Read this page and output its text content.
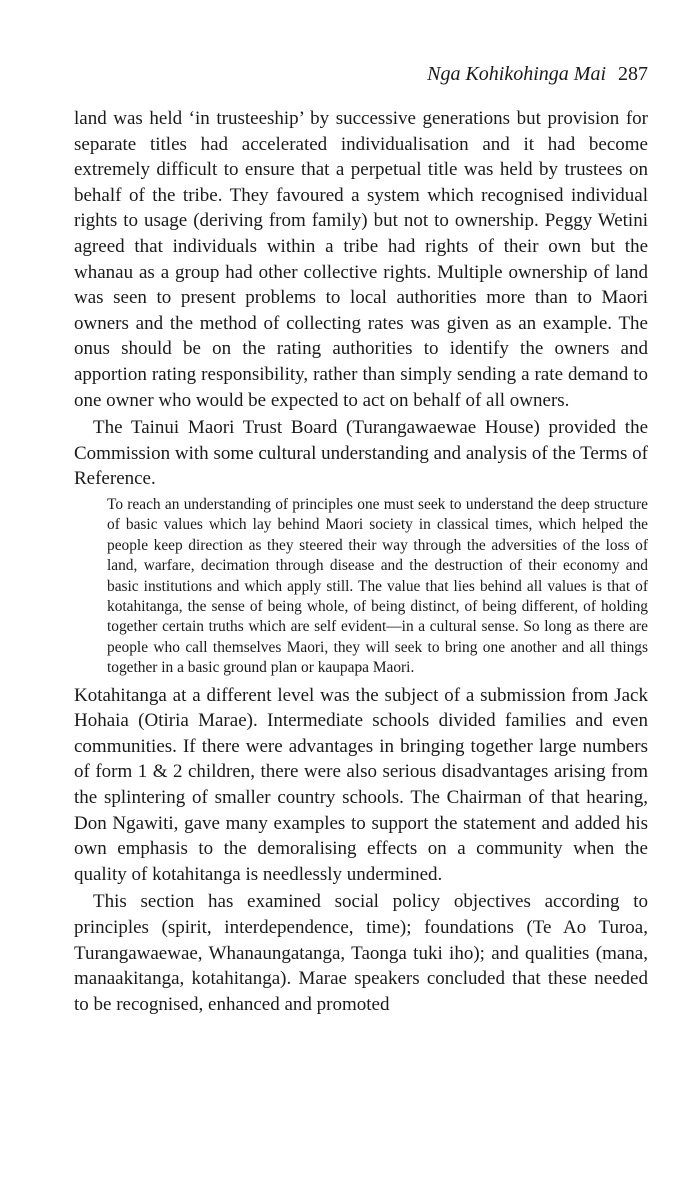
Nga Kohikohinga Mai 287

land was held ‘in trusteeship’ by successive generations but provision for separate titles had accelerated individualisation and it had become extremely difficult to ensure that a perpetual title was held by trustees on behalf of the tribe. They favoured a system which recognised individual rights to usage (deriving from family) but not to ownership. Peggy Wetini agreed that individuals within a tribe had rights of their own but the whanau as a group had other collective rights. Multiple ownership of land was seen to present problems to local authorities more than to Maori owners and the method of collecting rates was given as an example. The onus should be on the rating authorities to identify the owners and apportion rating responsibility, rather than simply sending a rate demand to one owner who would be expected to act on behalf of all owners.

The Tainui Maori Trust Board (Turangawaewae House) provided the Commission with some cultural understanding and analysis of the Terms of Reference.

To reach an understanding of principles one must seek to understand the deep structure of basic values which lay behind Maori society in classical times, which helped the people keep direction as they steered their way through the adversities of the loss of land, warfare, decimation through disease and the destruction of their economy and basic institutions and which apply still. The value that lies behind all values is that of kotahitanga, the sense of being whole, of being distinct, of being different, of holding together certain truths which are self evident—in a cultural sense. So long as there are people who call themselves Maori, they will seek to bring one another and all things together in a basic ground plan or kaupapa Maori.

Kotahitanga at a different level was the subject of a submission from Jack Hohaia (Otiria Marae). Intermediate schools divided families and even communities. If there were advantages in bringing together large numbers of form 1 & 2 children, there were also serious disadvantages arising from the splintering of smaller country schools. The Chairman of that hearing, Don Ngawiti, gave many examples to support the statement and added his own emphasis to the demoralising effects on a community when the quality of kotahitanga is needlessly undermined.

This section has examined social policy objectives according to principles (spirit, interdependence, time); foundations (Te Ao Turoa, Turangawaewae, Whanaungatanga, Taonga tuki iho); and qualities (mana, manaakitanga, kotahitanga). Marae speakers concluded that these needed to be recognised, enhanced and promoted
